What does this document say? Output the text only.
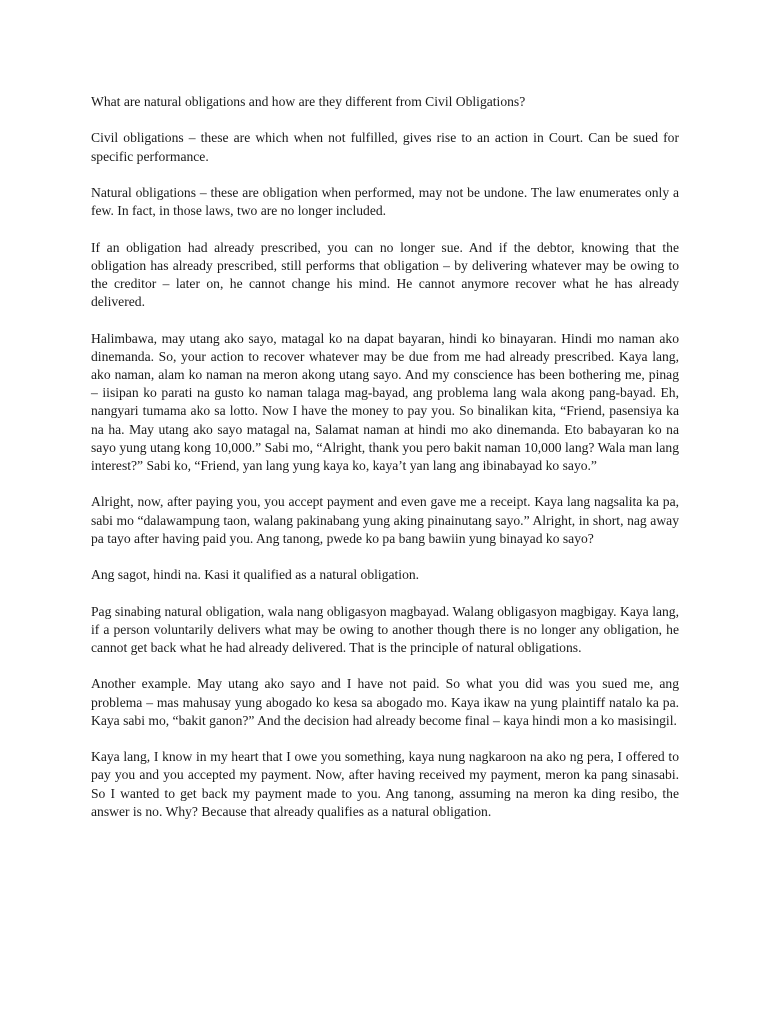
What are natural obligations and how are they different from Civil Obligations?

Civil obligations – these are which when not fulfilled, gives rise to an action in Court. Can be sued for specific performance.

Natural obligations – these are obligation when performed, may not be undone. The law enumerates only a few. In fact, in those laws, two are no longer included.

If an obligation had already prescribed, you can no longer sue. And if the debtor, knowing that the obligation has already prescribed, still performs that obligation – by delivering whatever may be owing to the creditor – later on, he cannot change his mind. He cannot anymore recover what he has already delivered.

Halimbawa, may utang ako sayo, matagal ko na dapat bayaran, hindi ko binayaran. Hindi mo naman ako dinemanda. So, your action to recover whatever may be due from me had already prescribed. Kaya lang, ako naman, alam ko naman na meron akong utang sayo. And my conscience has been bothering me, pinag – iisipan ko parati na gusto ko naman talaga mag-bayad, ang problema lang wala akong pang-bayad. Eh, nangyari tumama ako sa lotto. Now I have the money to pay you. So binalikan kita, “Friend, pasensiya ka na ha. May utang ako sayo matagal na, Salamat naman at hindi mo ako dinemanda. Eto babayaran ko na sayo yung utang kong 10,000.” Sabi mo, “Alright, thank you pero bakit naman 10,000 lang? Wala man lang interest?” Sabi ko, “Friend, yan lang yung kaya ko, kaya’t yan lang ang ibinabayad ko sayo.”

Alright, now, after paying you, you accept payment and even gave me a receipt. Kaya lang nagsalita ka pa, sabi mo “dalawampung taon, walang pakinabang yung aking pinainutang sayo.” Alright, in short, nag away pa tayo after having paid you. Ang tanong, pwede ko pa bang bawiin yung binayad ko sayo?

Ang sagot, hindi na. Kasi it qualified as a natural obligation.

Pag sinabing natural obligation, wala nang obligasyon magbayad. Walang obligasyon magbigay. Kaya lang, if a person voluntarily delivers what may be owing to another though there is no longer any obligation, he cannot get back what he had already delivered. That is the principle of natural obligations.

Another example. May utang ako sayo and I have not paid. So what you did was you sued me, ang problema – mas mahusay yung abogado ko kesa sa abogado mo. Kaya ikaw na yung plaintiff natalo ka pa. Kaya sabi mo, “bakit ganon?” And the decision had already become final – kaya hindi mon a ko masisingil.

Kaya lang, I know in my heart that I owe you something, kaya nung nagkaroon na ako ng pera, I offered to pay you and you accepted my payment. Now, after having received my payment, meron ka pang sinasabi. So I wanted to get back my payment made to you. Ang tanong, assuming na meron ka ding resibo, the answer is no. Why? Because that already qualifies as a natural obligation.
